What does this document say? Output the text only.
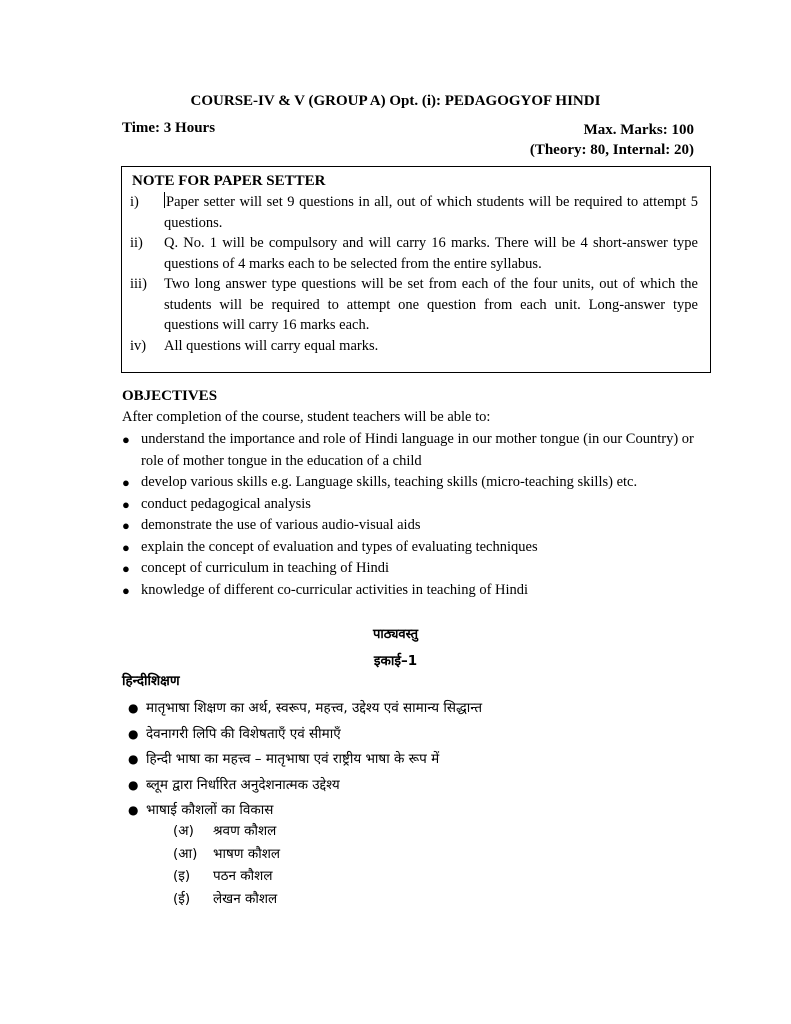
COURSE-IV & V (GROUP A) Opt. (i): PEDAGOGYOF HINDI
Time: 3 Hours	Max. Marks: 100
(Theory: 80, Internal: 20)
NOTE FOR PAPER SETTER
i)	Paper setter will set 9 questions in all, out of which students will be required to attempt 5 questions.
ii)	Q. No. 1 will be compulsory and will carry 16 marks. There will be 4 short-answer type questions of 4 marks each to be selected from the entire syllabus.
iii)	Two long answer type questions will be set from each of the four units, out of which the students will be required to attempt one question from each unit. Long-answer type questions will carry 16 marks each.
iv)	All questions will carry equal marks.
OBJECTIVES
After completion of the course, student teachers will be able to:
● understand the importance and role of Hindi language in our mother tongue (in our Country) or role of mother tongue in the education of a child
● develop various skills e.g. Language skills, teaching skills (micro-teaching skills) etc.
● conduct pedagogical analysis
● demonstrate the use of various audio-visual aids
● explain the concept of evaluation and types of evaluating techniques
● concept of curriculum in teaching of Hindi
● knowledge of different co-curricular activities in teaching of Hindi
पाठ्यवस्तु
इकाई–1
हिन्दीशिक्षण
● मातृभाषा शिक्षण का अर्थ, स्वरूप, महत्त्व, उद्देश्य एवं सामान्य सिद्धान्त
● देवनागरी लिपि की विशेषताएँ एवं सीमाएँ
● हिन्दी भाषा का महत्त्व – मातृभाषा एवं राष्ट्रीय भाषा के रूप में
● ब्लूम द्वारा निर्धारित अनुदेशनात्मक उद्देश्य
● भाषाई कौशलों का विकास
(अ)	श्रवण कौशल
(आ)	भाषण कौशल
(इ)	पठन कौशल
(ई)	लेखन कौशल
